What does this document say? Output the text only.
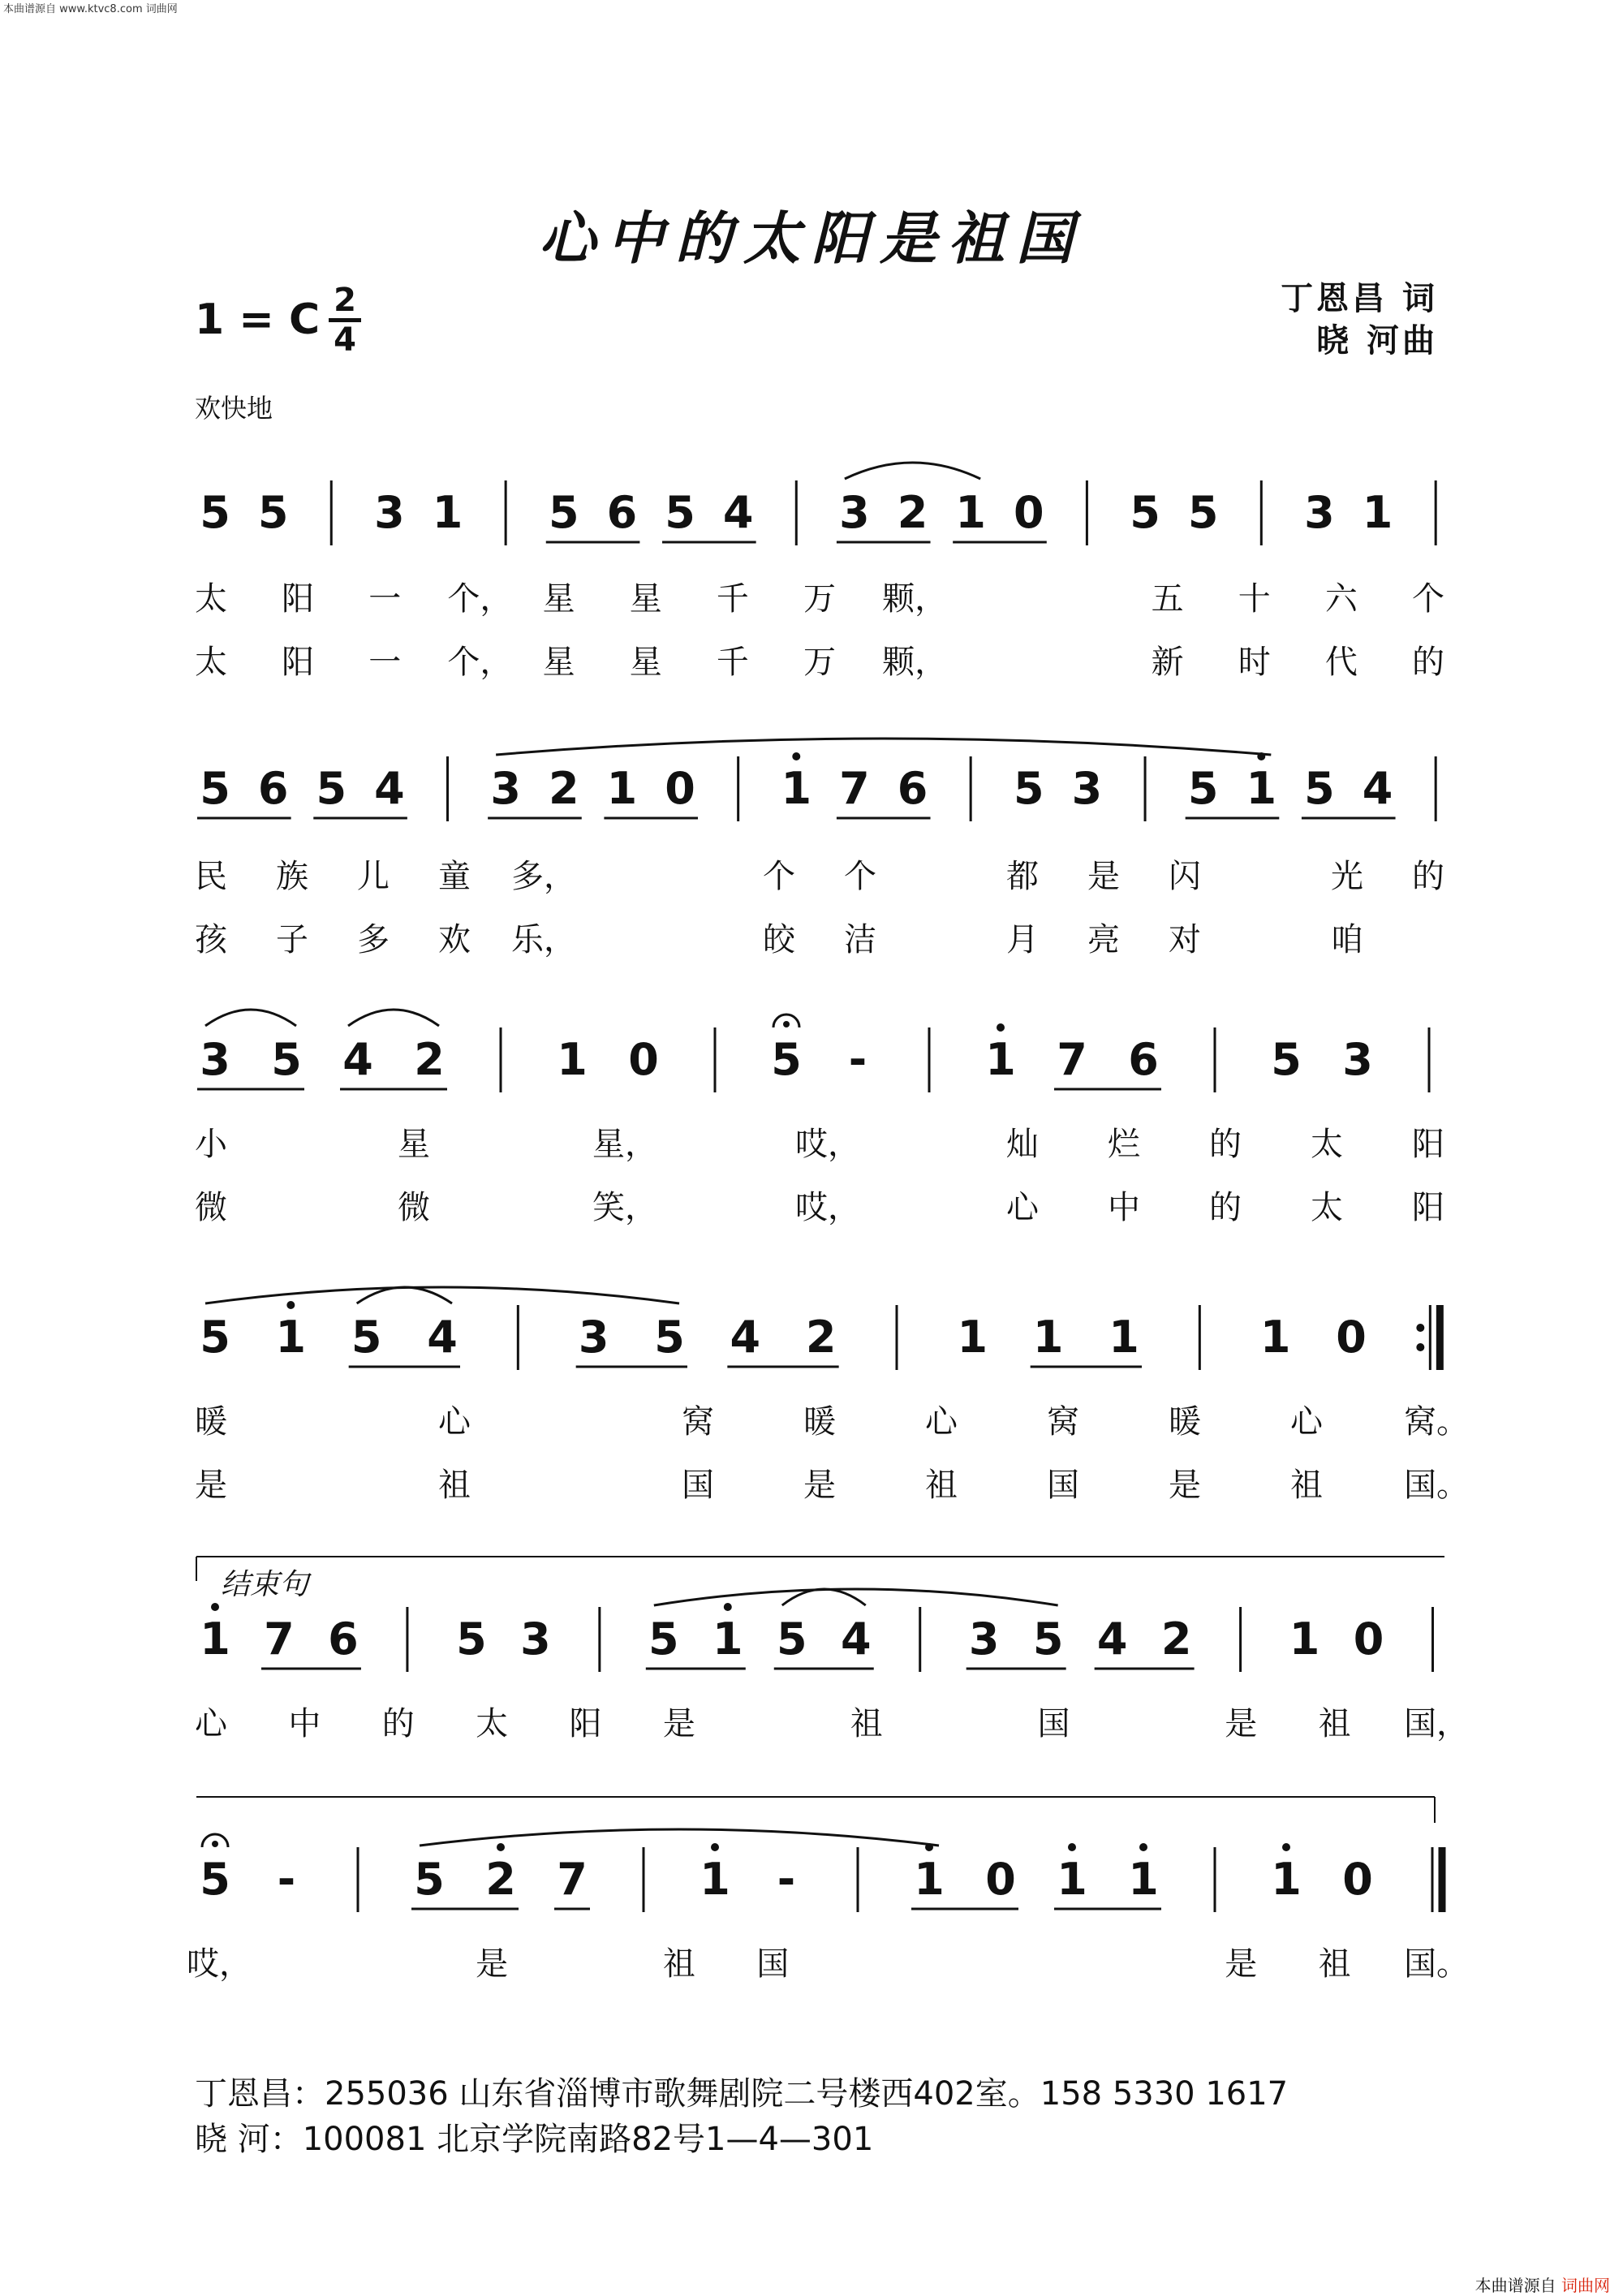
本曲谱源自 www.ktvc8.com 词曲网
心中的太阳是祖国
1 = C 2
4
丁恩昌 词
晓 河曲
欢快地
5 5 3 1 5 6 5 4 3 2 1 0 5 5 3 1
太 阳 一 个， 星 星 千 万 颗，	五 十 六 个
太 阳 一 个， 星 星 千 万 颗，	新 时 代 的
5 6 5 4 3 2 1 0 1 7 6 5 3 5 1 5 4
民 族 儿 童 多，	个 个	都 是 闪	光 的
孩 子 多 欢 乐，	皎 洁	月 亮 对	咱
3 5 4 2	1 0	5 -	1 7 6	5 3
小	星	星，	哎，	灿 烂 的 太 阳
微	微	笑，	哎，	心 中 的 太 阳
5 1 5 4	3 5 4 2	1 1 1	1 0
暖	心	窝	暖	心	窝	暖	心	窝。
是	祖	国	是	祖	国	是	祖	国。
1 7 6 5 3 5 1 5 4 3 5 4 2 1 0
心 中 的 太 阳 是	祖	国	是 祖 国，
5 -	5 2 7	1 -	1 0 1 1	1 0
哎，	是	祖 国	是 祖 国。
结束句
丁恩昌：255036 山东省淄博市歌舞剧院二号楼西402室。158 5330 1617
晓 河：100081 北京学院南路82号1—4—301
本曲谱源自 词曲网
